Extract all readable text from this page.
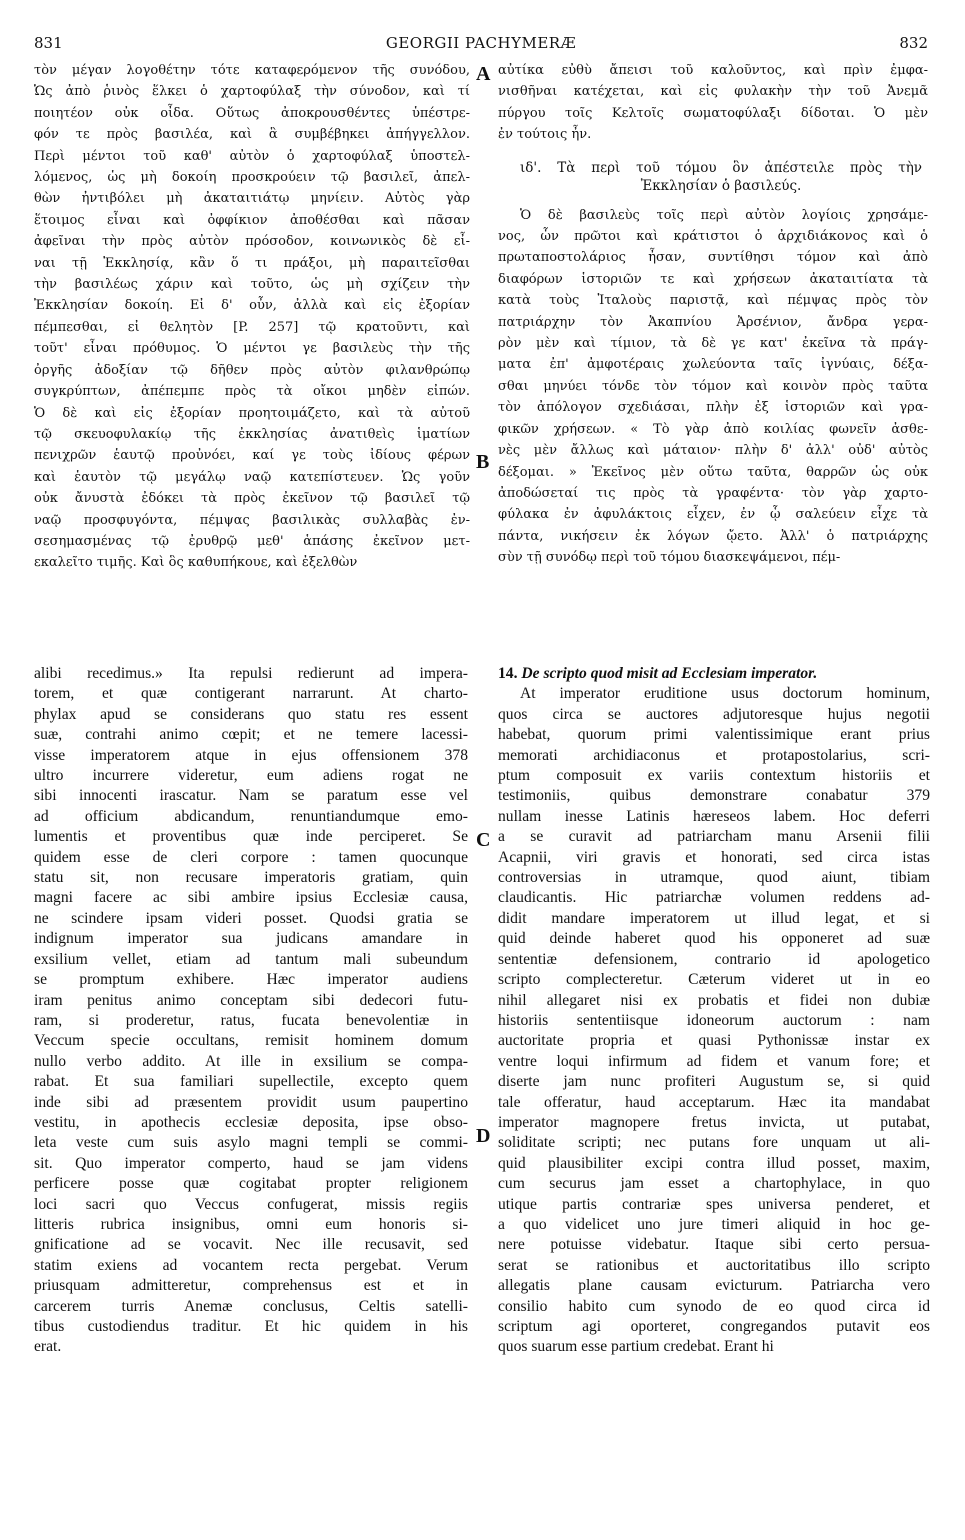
831	GEORGII PACHYMERÆ	832
τὸν μέγαν λογοθέτην τότε καταφερόμενον τῆς συνόδου,
Ὡς ἀπὸ ῥινὸς ἕλκει ὁ χαρτοφύλαξ τὴν σύνοδον, καὶ τί
ποιητέον οὐκ οἶδα. Οὕτως ἀποκρουσθέντες ὑπέστρε-
φόν τε πρὸς βασιλέα, καὶ ἃ συμβέβηκει ἀπήγγελλον.
Περὶ μέντοι τοῦ καθ' αὐτὸν ὁ χαρτοφύλαξ ὑποστελ-
λόμενος, ὡς μὴ δοκοίη προσκρούειν τῷ βασιλεῖ, ἀπελ-
θὼν ἠντιβόλει μὴ ἀκαταιτιάτῳ μηνίειν. Αὐτὸς γὰρ
ἕτοιμος εἶναι καὶ ὀφφίκιον ἀποθέσθαι καὶ πᾶσαν
ἀφεῖναι τὴν πρὸς αὐτὸν πρόσοδον, κοινωνικὸς δὲ εἶ-
ναι τῇ Ἐκκλησίᾳ, κἂν ὅ τι πράξοι, μὴ παραιτεῖσθαι
τὴν βασιλέως χάριν καὶ τοῦτο, ὡς μὴ σχίζειν τὴν
Ἐκκλησίαν δοκοίη. Εἰ δ' οὖν, ἀλλὰ καὶ εἰς ἐξορίαν
πέμπεσθαι, εἰ θελητὸν [P. 257] τῷ κρατοῦντι, καὶ
τοῦτ' εἶναι πρόθυμος. Ὁ μέντοι γε βασιλεὺς τὴν τῆς
ὀργῆς ἀδοξίαν τῷ δῆθεν πρὸς αὐτὸν φιλανθρώπῳ
συγκρύπτων, ἀπέπεμπε πρὸς τὰ οἴκοι μηδὲν εἰπών.
Ὁ δὲ καὶ εἰς ἐξορίαν προητοιμάζετο, καὶ τὰ αὐτοῦ
τῷ σκευοφυλακίῳ τῆς ἐκκλησίας ἀνατιθεὶς ἱματίων
πενιχρῶν ἑαυτῷ προὐνόει, καί γε τοὺς ἰδίους φέρων
καὶ ἑαυτὸν τῷ μεγάλῳ ναῷ κατεπίστευεν. Ὡς γοῦν
οὐκ ἄνυστὰ ἐδόκει τὰ πρὸς ἐκεῖνον τῷ βασιλεῖ τῷ
ναῷ προσφυγόντα, πέμψας βασιλικὰς συλλαβὰς ἐν-
σεσημασμένας τῷ ἐρυθρῷ μεθ' ἁπάσης ἐκεῖνον μετ-
εκαλεῖτο τιμῆς. Καὶ ὃς καθυπήκουε, καὶ ἐξελθὼν
αὐτίκα εὐθὺ ἄπεισι τοῦ καλοῦντος, καὶ πρὶν ἐμφα-
νισθῆναι κατέχεται, καὶ εἰς φυλακὴν τὴν τοῦ Ἀνεμᾶ
πύργου τοῖς Κελτοῖς σωματοφύλαξι δίδοται. Ὁ μὲν
ἐν τούτοις ἦν.
ιδ'. Τὰ περὶ τοῦ τόμου ὃν ἀπέστειλε πρὸς τὴν
Ἐκκλησίαν ὁ βασιλεύς.
Ὁ δὲ βασιλεὺς τοῖς περὶ αὐτὸν λογίοις χρησάμε-
νος, ὧν πρῶτοι καὶ κράτιστοι ὁ ἀρχιδιάκονος καὶ ὁ
πρωταποστολάριος ἦσαν, συντίθησι τόμον καὶ ἀπὸ
διαφόρων ἱστοριῶν τε καὶ χρήσεων ἀκαταιτίατα τὰ
κατὰ τοὺς Ἰταλοὺς παριστᾷ, καὶ πέμψας πρὸς τὸν
πατριάρχην τὸν Ἀκαπνίου Ἀρσένιον, ἄνδρα γερα-
ρὸν μὲν καὶ τίμιον, τὰ δὲ γε κατ' ἐκεῖνα τὰ πράγ-
ματα ἐπ' ἀμφοτέραις χωλεύοντα ταῖς ἰγνύαις, δέξα-
σθαι μηνύει τόνδε τὸν τόμον καὶ κοινὸν πρὸς ταῦτα
τὸν ἀπόλογον σχεδιάσαι, πλὴν ἐξ ἱστοριῶν καὶ γρα-
φικῶν χρήσεων. « Τὸ γὰρ ἀπὸ κοιλίας φωνεῖν ἀσθε-
νὲς μὲν ἄλλως καὶ μάταιον· πλὴν δ' ἀλλ' οὐδ' αὐτὸς
δέξομαι. » Ἐκεῖνος μὲν οὕτω ταῦτα, θαρρῶν ὡς οὐκ
ἀποδώσεταί τις πρὸς τὰ γραφέντα· τὸν γὰρ χαρτο-
φύλακα ἐν ἀφυλάκτοις εἶχεν, ἐν ᾧ σαλεύειν εἶχε τὰ
πάντα, νικήσειν ἐκ λόγων ᾤετο. Ἀλλ' ὁ πατριάρχης
σὺν τῇ συνόδῳ περὶ τοῦ τόμου διασκεψάμενοι, πέμ-
A
B
C
D
alibi recedimus.» Ita repulsi redierunt ad impera-
torem, et quæ contigerant narrarunt. At charto-
phylax apud se considerans quo statu res essent
suæ, contrahi animo cœpit; et ne temere lacessi-
visse imperatorem atque in ejus offensionem 378
ultro incurrere videretur, eum adiens rogat ne
sibi innocenti irascatur. Nam se paratum esse vel
ad officium abdicandum, renuntiandumque emo-
lumentis et proventibus quæ inde perciperet. Se
quidem esse de cleri corpore : tamen quocunque
statu sit, non recusare imperatoris gratiam, quin
magni facere ac sibi ambire ipsius Ecclesiæ causa,
ne scindere ipsam videri posset. Quodsi gratia se
indignum imperator sua judicans amandare in
exsilium vellet, etiam ad tantum mali subeundum
se promptum exhibere. Hæc imperator audiens
iram penitus animo conceptam sibi dedecori futu-
ram, si proderetur, ratus, fucata benevolentiæ in
Veccum specie occultans, remisit hominem domum
nullo verbo addito. At ille in exsilium se compa-
rabat. Et sua familiari supellectile, excepto quem
inde sibi ad præsentem providit usum paupertino
vestitu, in apothecis ecclesiæ deposita, ipse obso-
leta veste cum suis asylo magni templi se commi-
sit. Quo imperator comperto, haud se jam videns
perficere posse quæ cogitabat propter religionem
loci sacri quo Veccus confugerat, missis regiis
litteris rubrica insignibus, omni eum honoris si-
gnificatione ad se vocavit. Nec ille recusavit, sed
statim exiens ad vocantem recta pergebat. Verum
priusquam admitteretur, comprehensus est et in
carcerem turris Anemæ conclusus, Celtis satelli-
tibus custodiendus traditur. Et hic quidem in his
erat.
14. De scripto quod misit ad Ecclesiam imperator.
At imperator eruditione usus doctorum hominum,
quos circa se auctores adjutoresque hujus negotii
habebat, quorum primi valentissimique erant prius
memorati archidiaconus et protapostolarius, scri-
ptum composuit ex variis contextum historiis et
testimoniis, quibus demonstrare conabatur 379
nullam inesse Latinis hæreseos labem. Hoc deferri
a se curavit ad patriarcham manu Arsenii filii
Acapnii, viri gravis et honorati, sed circa istas
controversias in utramque, quod aiunt, tibiam
claudicantis. Hic patriarchæ volumen reddens ad-
didit mandare imperatorem ut illud legat, et si
quid deinde haberet quod his opponeret ad suæ
sententiæ defensionem, contrario id apologetico
scripto complecteretur. Cæterum videret ut in eo
nihil allegaret nisi ex probatis et fidei non dubiæ
historiis sententiisque idoneorum auctorum : nam
auctoritate propria et quasi Pythonissæ instar ex
ventre loqui infirmum ad fidem et vanum fore; et
diserte jam nunc profiteri Augustum se, si quid
tale offeratur, haud acceptarum. Hæc ita mandabat
imperator magnopere fretus invicta, ut putabat,
soliditate scripti; nec putans fore unquam ut ali-
quid plausibiliter excipi contra illud posset, maxim,
cum securus jam esset a chartophylace, in quo
utique partis contrariæ spes universa penderet, et
a quo videlicet uno jure timeri aliquid in hoc ge-
nere potuisse videbatur. Itaque sibi certo persua-
serat se rationibus et auctoritatibus illo scripto
allegatis plane causam evicturum. Patriarcha vero
consilio habito cum synodo de eo quod circa id
scriptum agi oporteret, congregandos putavit eos
quos suarum esse partium credebat. Erant hi
